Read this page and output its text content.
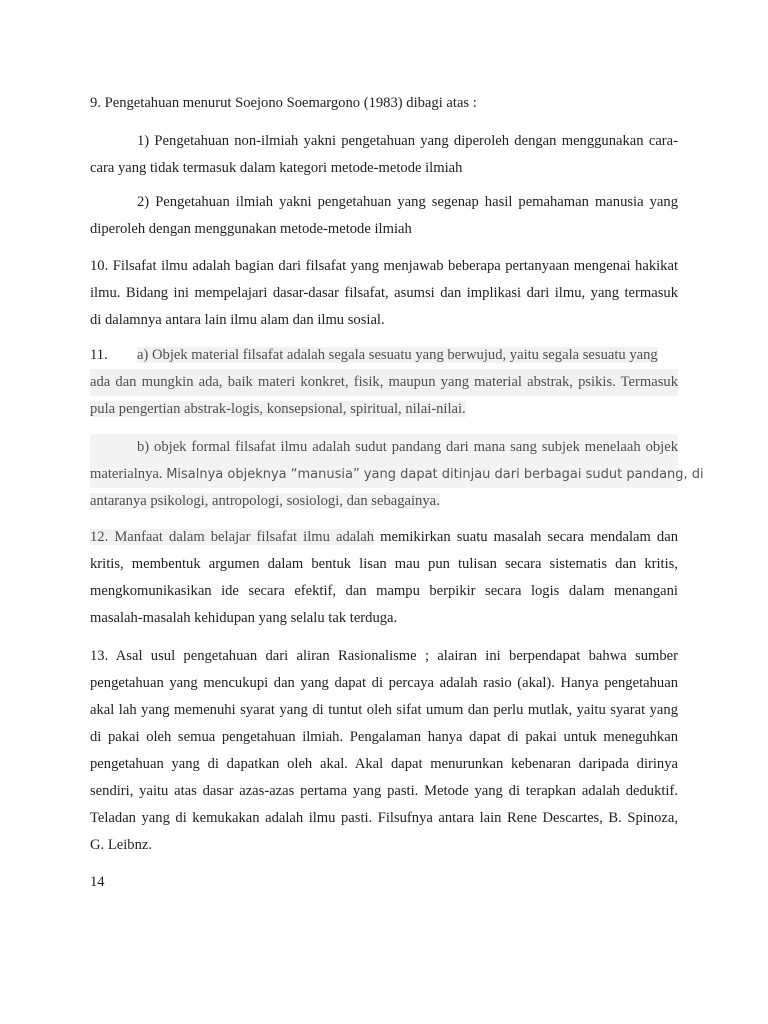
9. Pengetahuan menurut Soejono Soemargono (1983) dibagi atas :
1) Pengetahuan non-ilmiah yakni pengetahuan yang diperoleh dengan menggunakan cara-
cara yang tidak termasuk dalam kategori metode-metode ilmiah
2) Pengetahuan ilmiah yakni pengetahuan yang segenap hasil pemahaman manusia yang
diperoleh dengan menggunakan metode-metode ilmiah
10. Filsafat ilmu adalah bagian dari filsafat yang menjawab beberapa pertanyaan mengenai hakikat
ilmu. Bidang ini mempelajari dasar-dasar filsafat, asumsi dan implikasi dari ilmu, yang termasuk
di dalamnya antara lain ilmu alam dan ilmu sosial.
11. a) Objek material filsafat adalah segala sesuatu yang berwujud, yaitu segala sesuatu yang
ada dan mungkin ada, baik materi konkret, fisik, maupun yang material abstrak, psikis. Termasuk
pula pengertian abstrak-logis, konsepsional, spiritual, nilai-nilai.
b) objek formal filsafat ilmu adalah sudut pandang dari mana sang subjek menelaah objek
materialnya. Misalnya objeknya “manusia” yang dapat ditinjau dari berbagai sudut pandang, di
antaranya psikologi, antropologi, sosiologi, dan sebagainya.
12. Manfaat dalam belajar filsafat ilmu adalah memikirkan suatu masalah secara mendalam dan
kritis, membentuk argumen dalam bentuk lisan mau pun tulisan secara sistematis dan kritis,
mengkomunikasikan ide secara efektif, dan mampu berpikir secara logis dalam menangani
masalah-masalah kehidupan yang selalu tak terduga.
13. Asal usul pengetahuan dari aliran Rasionalisme ; alairan ini berpendapat bahwa sumber
pengetahuan yang mencukupi dan yang dapat di percaya adalah rasio (akal). Hanya pengetahuan
akal lah yang memenuhi syarat yang di tuntut oleh sifat umum dan perlu mutlak, yaitu syarat yang
di pakai oleh semua pengetahuan ilmiah. Pengalaman hanya dapat di pakai untuk meneguhkan
pengetahuan yang di dapatkan oleh akal. Akal dapat menurunkan kebenaran daripada dirinya
sendiri, yaitu atas dasar azas-azas pertama yang pasti. Metode yang di terapkan adalah deduktif.
Teladan yang di kemukakan adalah ilmu pasti. Filsufnya antara lain Rene Descartes, B. Spinoza,
G. Leibnz.
14
